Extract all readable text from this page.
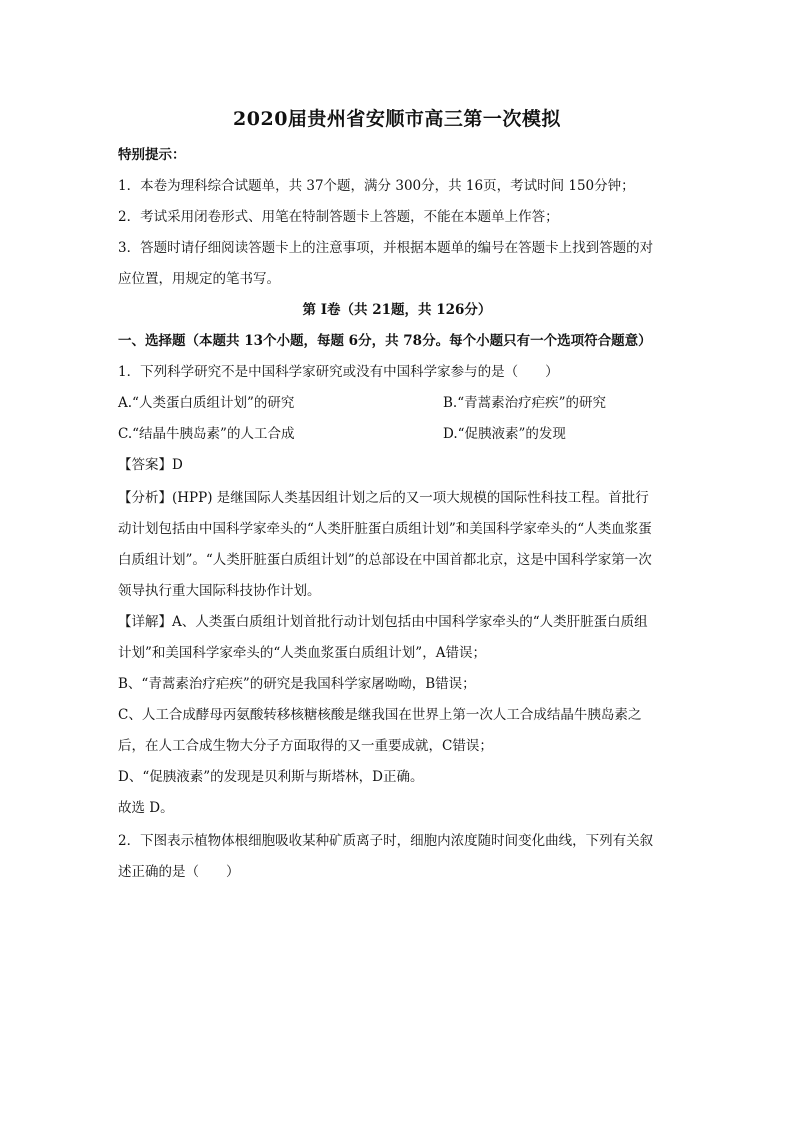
2020届贵州省安顺市高三第一次模拟
特别提示：
1．本卷为理科综合试题单，共 37个题，满分 300分，共 16页，考试时间 150分钟；
2．考试采用闭卷形式、用笔在特制答题卡上答题，不能在本题单上作答；
3．答题时请仔细阅读答题卡上的注意事项，并根据本题单的编号在答题卡上找到答题的对
应位置，用规定的笔书写。
第 I卷（共 21题，共 126分）
一、选择题（本题共 13个小题，每题 6分，共 78分。每个小题只有一个选项符合题意）
1．下列科学研究不是中国科学家研究或没有中国科学家参与的是（　　）
A.“人类蛋白质组计划”的研究	B.“青蒿素治疗疟疾”的研究
C.“结晶牛胰岛素”的人工合成	D.“促胰液素”的发现
【答案】D
【分析】(HPP) 是继国际人类基因组计划之后的又一项大规模的国际性科技工程。首批行
动计划包括由中国科学家牵头的“人类肝脏蛋白质组计划”和美国科学家牵头的“人类血浆蛋
白质组计划”。“人类肝脏蛋白质组计划”的总部设在中国首都北京，这是中国科学家第一次
领导执行重大国际科技协作计划。
【详解】A、人类蛋白质组计划首批行动计划包括由中国科学家牵头的“人类肝脏蛋白质组
计划”和美国科学家牵头的“人类血浆蛋白质组计划”，A错误；
B、“青蒿素治疗疟疾”的研究是我国科学家屠呦呦，B错误；
C、人工合成酵母丙氨酸转移核糖核酸是继我国在世界上第一次人工合成结晶牛胰岛素之
后，在人工合成生物大分子方面取得的又一重要成就，C错误；
D、“促胰液素”的发现是贝利斯与斯塔林，D正确。
故选 D。
2．下图表示植物体根细胞吸收某种矿质离子时，细胞内浓度随时间变化曲线，下列有关叙
述正确的是（　　）
